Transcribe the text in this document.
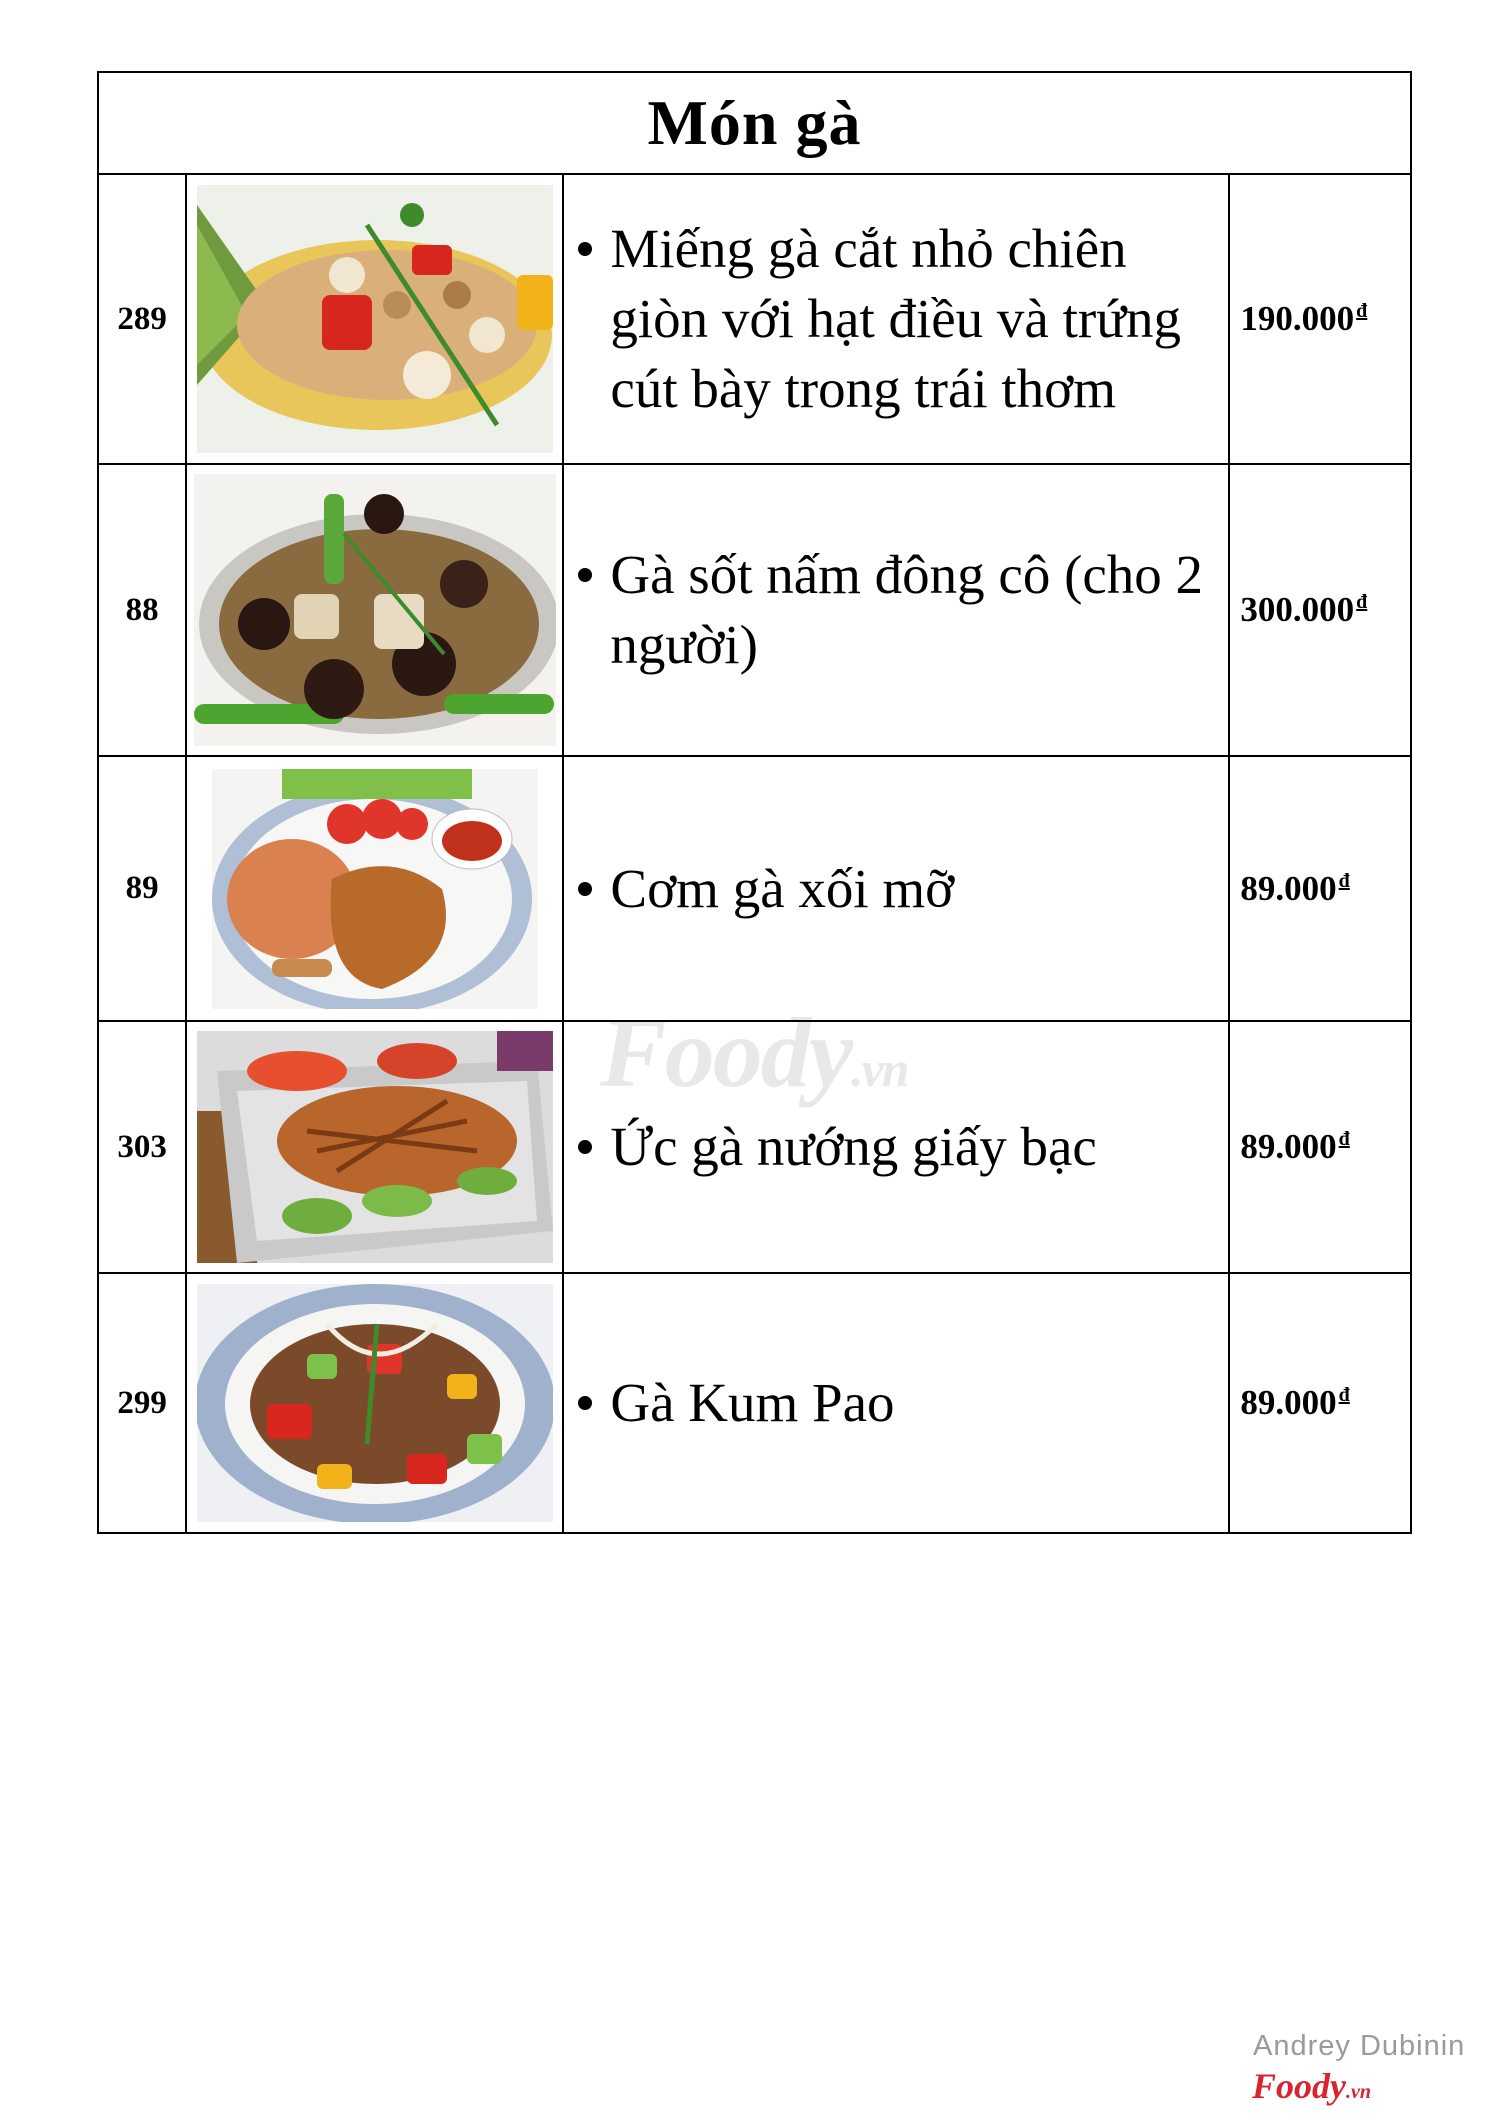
Foody.vn
Món gà			
289		Miếng gà cắt nhỏ chiên giòn với hạt điều và trứng cút bày trong trái thơm	190.000 $^đ$
88		Gà sốt nấm đông cô (cho 2 người)	300.000 $^đ$
89		Cơm gà xối mỡ	89.000 $^đ$
303		Ức gà nướng giấy bạc	89.000 $^đ$
299		Gà Kum Pao	89.000 $^đ$
Andrey Dubinin
Foody.vn
